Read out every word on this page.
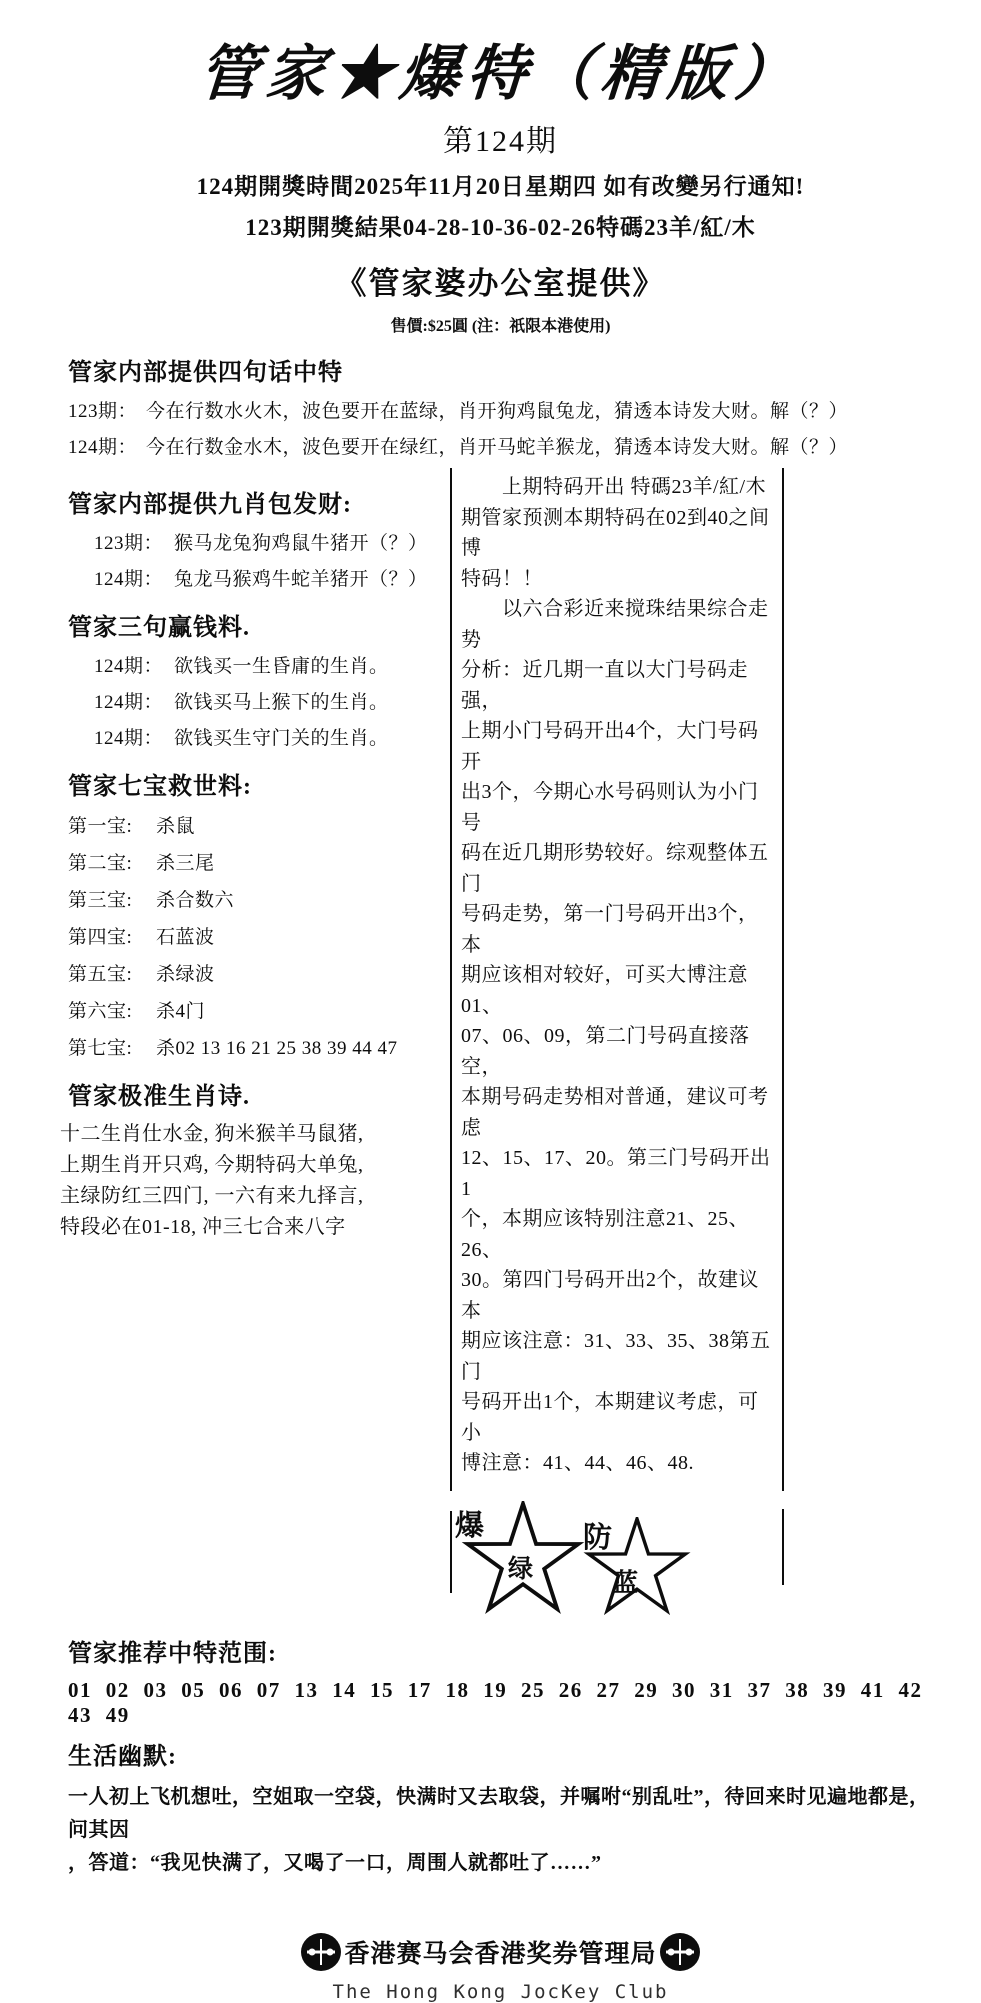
管家★爆特（精版）
第124期
124期開獎時間2025年11月20日星期四 如有改變另行通知!
123期開獎結果04-28-10-36-02-26特碼23羊/紅/木
《管家婆办公室提供》
售價:$25圓 (注：祇限本港使用)
管家内部提供四句话中特
123期： 今在行数水火木，波色要开在蓝绿，肖开狗鸡鼠兔龙，猜透本诗发大财。解（？）
124期： 今在行数金水木，波色要开在绿红，肖开马蛇羊猴龙，猜透本诗发大财。解（？）
管家内部提供九肖包发财:
123期： 猴马龙兔狗鸡鼠牛猪开（？）
124期： 兔龙马猴鸡牛蛇羊猪开（？）
管家三句赢钱料.
124期： 欲钱买一生昏庸的生肖。
124期： 欲钱买马上猴下的生肖。
124期： 欲钱买生守门关的生肖。
管家七宝救世料:
第一宝:	杀鼠
第二宝:	杀三尾
第三宝:	杀合数六
第四宝:	石蓝波
第五宝:	杀绿波
第六宝:	杀4门
第七宝:	杀02 13 16 21 25 38 39 44 47
管家极准生肖诗.
十二生肖仕水金, 狗米猴羊马鼠猪,
上期生肖开只鸡, 今期特码大单兔,
主绿防红三四门, 一六有来九择言,
特段必在01-18, 冲三七合来八字
　　上期特码开出 特碼23羊/紅/木
期管家预测本期特码在02到40之间博
特码！！
　　以六合彩近来搅珠结果综合走势
分析：近几期一直以大门号码走强，
上期小门号码开出4个，大门号码开
出3个，今期心水号码则认为小门号
码在近几期形势较好。综观整体五门
号码走势，第一门号码开出3个，本
期应该相对较好，可买大博注意01、
07、06、09，第二门号码直接落空，
本期号码走势相对普通，建议可考虑
12、15、17、20。第三门号码开出1
个，本期应该特别注意21、25、26、
30。第四门号码开出2个，故建议本
期应该注意：31、33、35、38第五门
号码开出1个，本期建议考虑，可小
博注意：41、44、46、48.
爆
绿
防
蓝
管家推荐中特范围:
01 02 03 05 06 07 13 14 15 17 18 19 25 26 27 29 30 31 37 38 39 41 42 43 49
生活幽默:
一人初上飞机想吐，空姐取一空袋，快满时又去取袋，并嘱咐“别乱吐”，待回来时见遍地都是，问其因
，答道：“我见快满了，又喝了一口，周围人就都吐了……”
香港赛马会香港奖券管理局
The Hong Kong JocKey Club
